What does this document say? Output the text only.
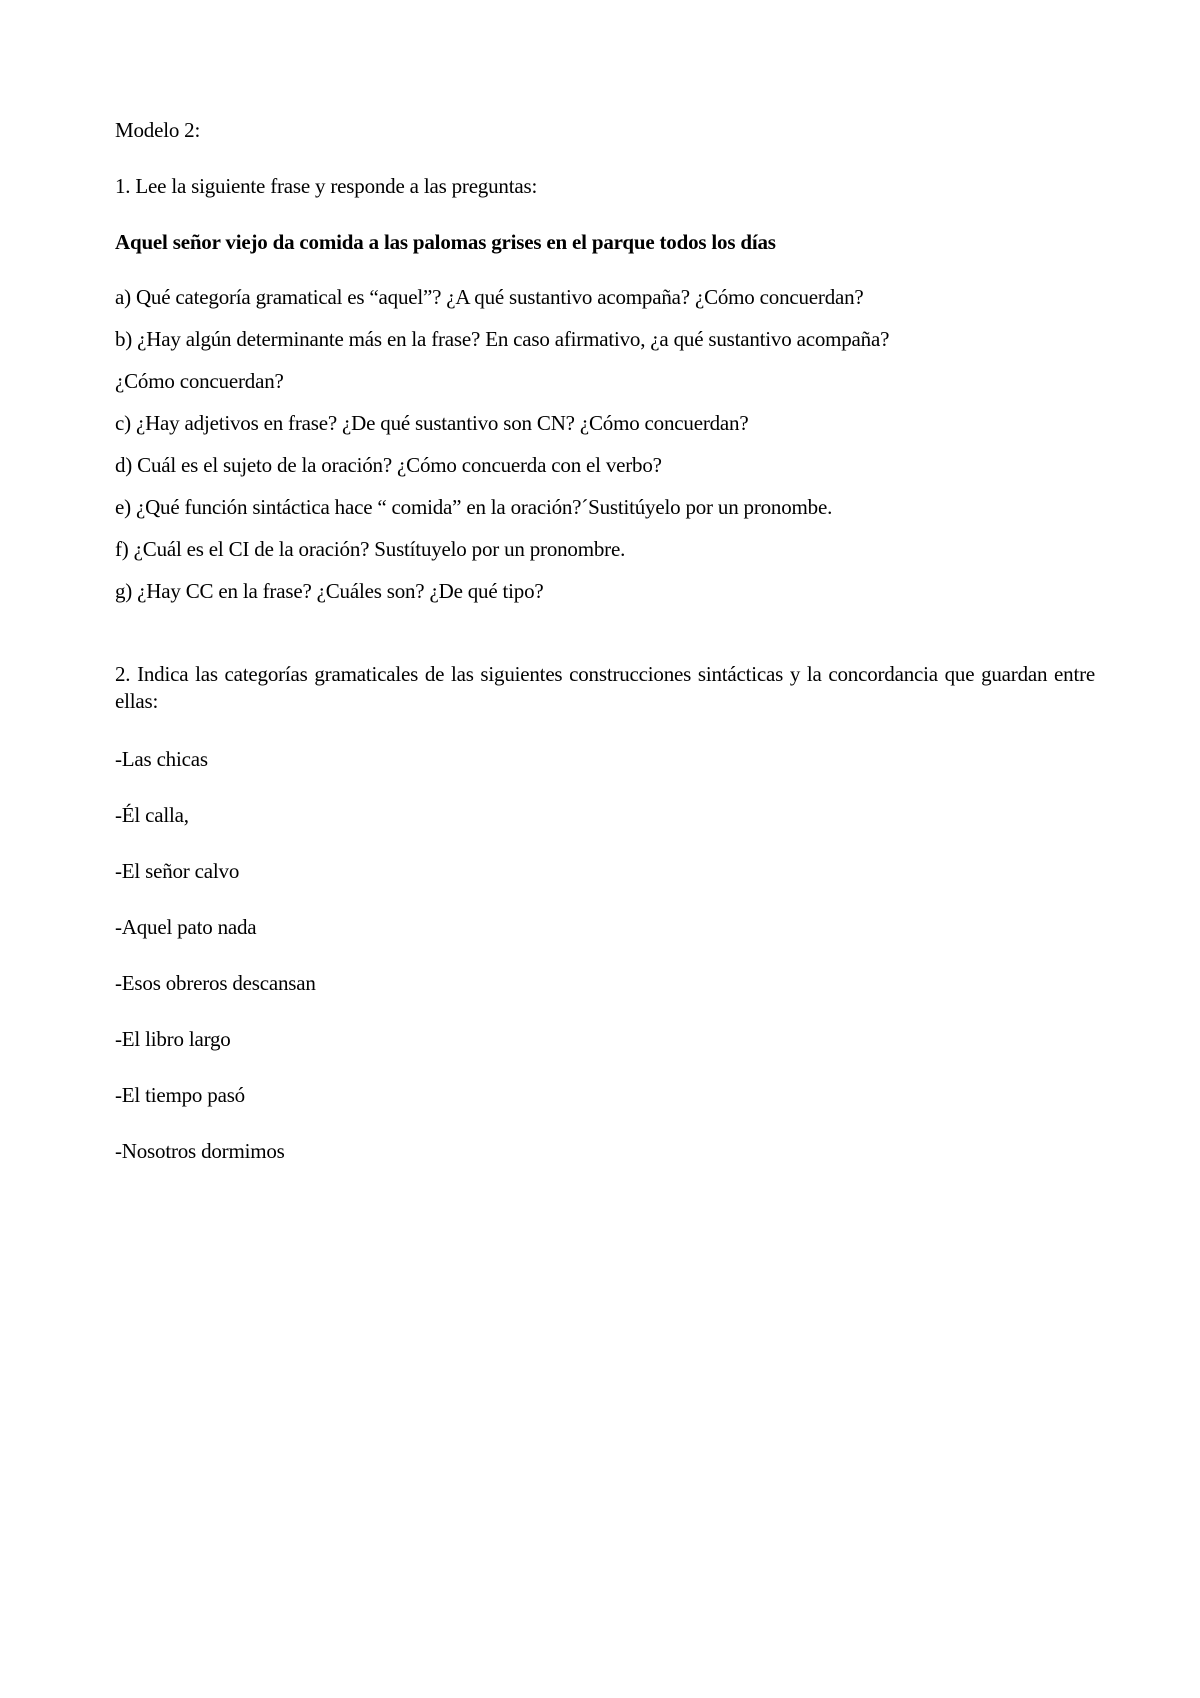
Modelo 2:
1. Lee la siguiente frase y responde a las preguntas:
Aquel señor viejo da comida a las palomas grises en el parque todos los días
a) Qué categoría gramatical es “aquel”? ¿A qué sustantivo acompaña? ¿Cómo concuerdan?
b) ¿Hay algún determinante más en la frase? En caso afirmativo, ¿a qué sustantivo acompaña?
¿Cómo concuerdan?
c) ¿Hay adjetivos en frase? ¿De qué sustantivo son CN? ¿Cómo concuerdan?
d) Cuál es el sujeto de la oración? ¿Cómo concuerda con el verbo?
e) ¿Qué función sintáctica hace “ comida” en la oración?´Sustitúyelo por un pronombe.
f) ¿Cuál es el CI de la oración? Sustítuyelo por un pronombre.
g) ¿Hay CC en la frase? ¿Cuáles son? ¿De qué tipo?
2. Indica las categorías gramaticales de las siguientes construcciones sintácticas y la concordancia que guardan entre ellas:
-Las chicas
-Él calla,
-El señor calvo
-Aquel pato nada
-Esos obreros descansan
-El libro largo
-El tiempo pasó
-Nosotros dormimos
